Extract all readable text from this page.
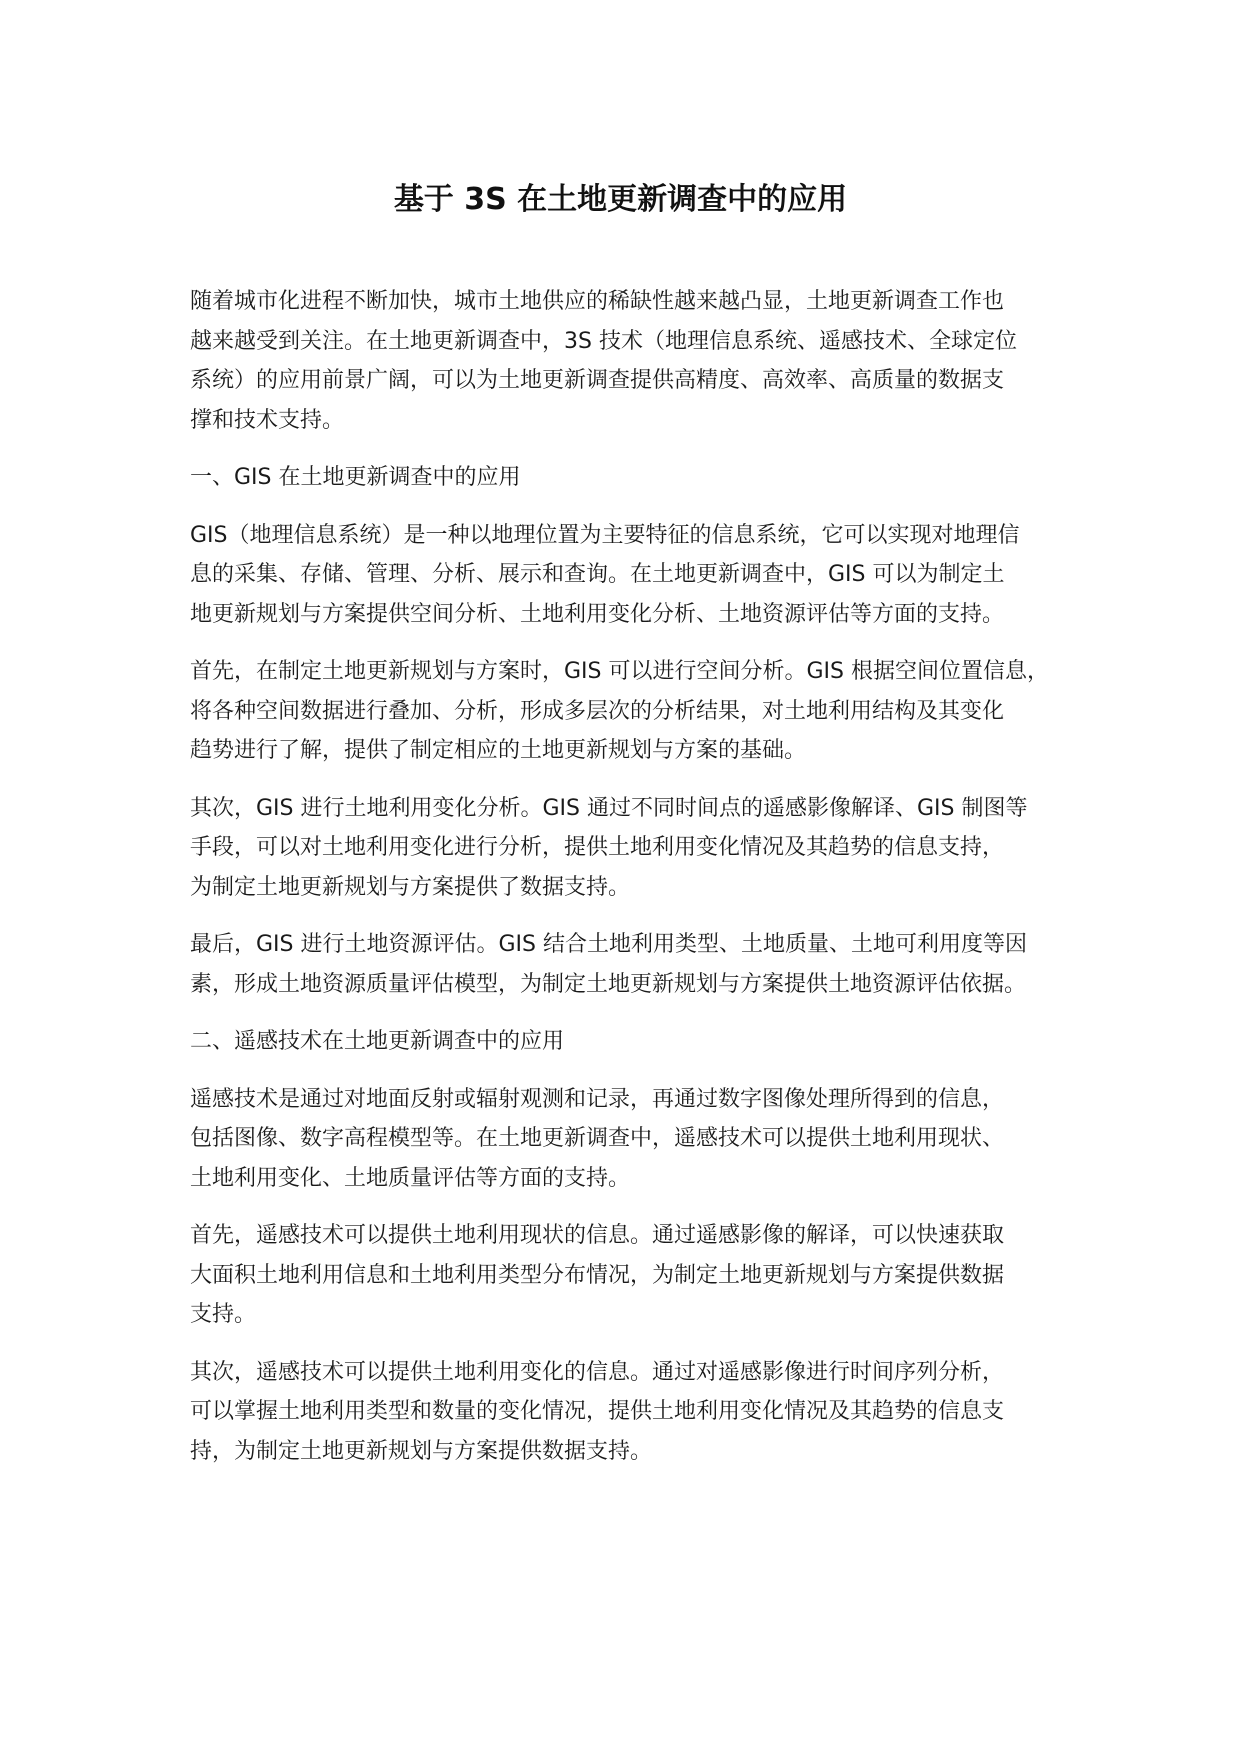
基于 3S 在土地更新调查中的应用

随着城市化进程不断加快，城市土地供应的稀缺性越来越凸显，土地更新调查工作也
越来越受到关注。在土地更新调查中，3S 技术（地理信息系统、遥感技术、全球定位
系统）的应用前景广阔，可以为土地更新调查提供高精度、高效率、高质量的数据支
撑和技术支持。

一、GIS 在土地更新调查中的应用

GIS（地理信息系统）是一种以地理位置为主要特征的信息系统，它可以实现对地理信
息的采集、存储、管理、分析、展示和查询。在土地更新调查中，GIS 可以为制定土
地更新规划与方案提供空间分析、土地利用变化分析、土地资源评估等方面的支持。

首先，在制定土地更新规划与方案时，GIS 可以进行空间分析。GIS 根据空间位置信息，
将各种空间数据进行叠加、分析，形成多层次的分析结果，对土地利用结构及其变化
趋势进行了解，提供了制定相应的土地更新规划与方案的基础。

其次，GIS 进行土地利用变化分析。GIS 通过不同时间点的遥感影像解译、GIS 制图等
手段，可以对土地利用变化进行分析，提供土地利用变化情况及其趋势的信息支持，
为制定土地更新规划与方案提供了数据支持。

最后，GIS 进行土地资源评估。GIS 结合土地利用类型、土地质量、土地可利用度等因
素，形成土地资源质量评估模型，为制定土地更新规划与方案提供土地资源评估依据。

二、遥感技术在土地更新调查中的应用

遥感技术是通过对地面反射或辐射观测和记录，再通过数字图像处理所得到的信息，
包括图像、数字高程模型等。在土地更新调查中，遥感技术可以提供土地利用现状、
土地利用变化、土地质量评估等方面的支持。

首先，遥感技术可以提供土地利用现状的信息。通过遥感影像的解译，可以快速获取
大面积土地利用信息和土地利用类型分布情况，为制定土地更新规划与方案提供数据
支持。

其次，遥感技术可以提供土地利用变化的信息。通过对遥感影像进行时间序列分析，
可以掌握土地利用类型和数量的变化情况，提供土地利用变化情况及其趋势的信息支
持，为制定土地更新规划与方案提供数据支持。
